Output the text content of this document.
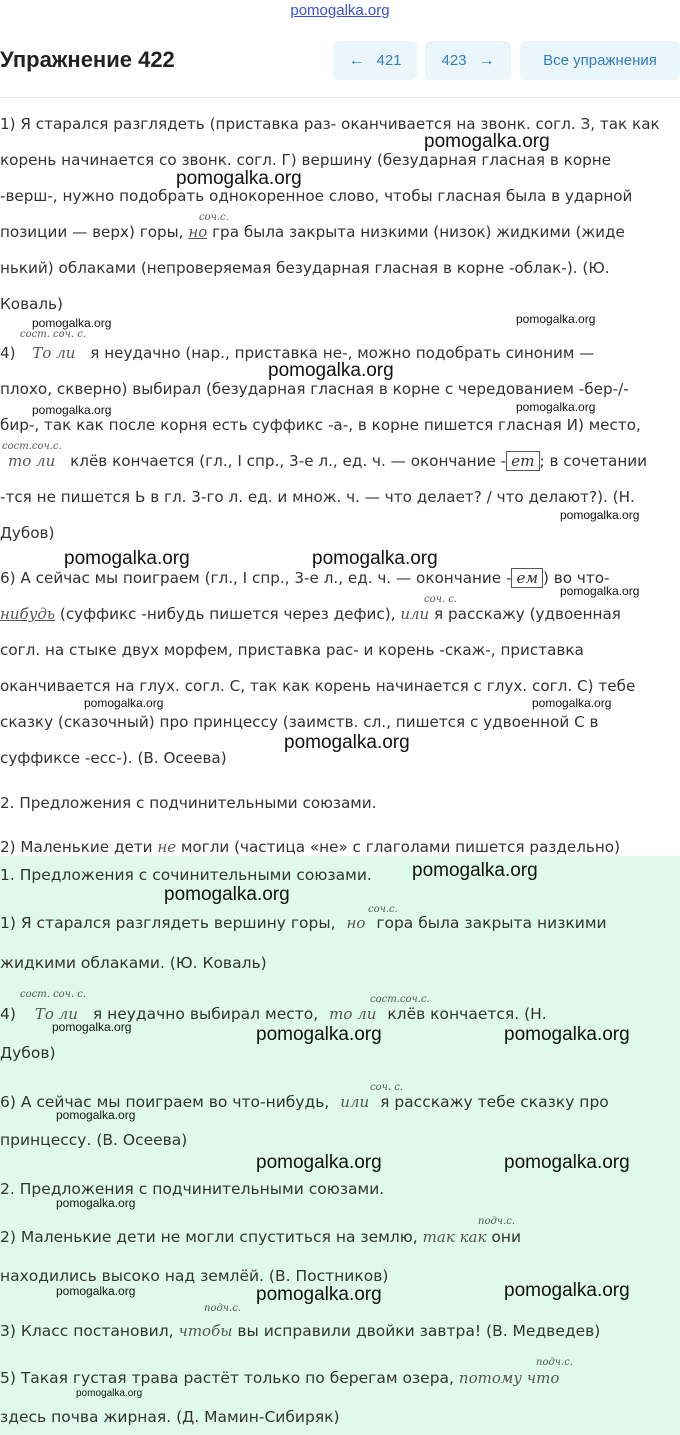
pomogalka.org
Упражнение 422	← 421	423 →	Все упражнения
1) Я старался разглядеть (приставка раз- оканчивается на звонк. согл. З, так как
корень начинается со звонк. согл. Г) вершину (безударная гласная в корне
-верш-, нужно подобрать однокоренное слово, чтобы гласная была в ударной
соч.с.
позиции — верх) горы, но гра была закрыта низкими (низок) жидкими (жиде
нький) облаками (непроверяемая безударная гласная в корне -облак-). (Ю.
Коваль)
сост. соч. с.
4) То ли я неудачно (нар., приставка не-, можно подобрать синоним —
плохо, скверно) выбирал (безударная гласная в корне с чередованием -бер-/-
бир-, так как после корня есть суффикс -а-, в корне пишется гласная И) место,
сост.соч.с.
то ли клёв кончается (гл., I спр., 3-е л., ед. ч. — окончание - ет ; в сочетании
-тся не пишется Ь в гл. 3-го л. ед. и множ. ч. — что делает? / что делают?). (Н.
Дубов)
6) А сейчас мы поиграем (гл., I спр., 3-е л., ед. ч. — окончание - ем ) во что-
соч. с.
нибудь (суффикс -нибудь пишется через дефис), или я расскажу (удвоенная
согл. на стыке двух морфем, приставка рас- и корень -скаж-, приставка
оканчивается на глух. согл. С, так как корень начинается с глух. согл. С) тебе
сказку (сказочный) про принцессу (заимств. сл., пишется с удвоенной С в
суффиксе -есс-). (В. Осеева)
2. Предложения с подчинительными союзами.
2) Маленькие дети не могли (частица «не» с глаголами пишется раздельно)
1. Предложения с сочинительными союзами.
соч.с.
1) Я старался разглядеть вершину горы, но гора была закрыта низкими
жидкими облаками. (Ю. Коваль)
сост. соч. с.	сост.соч.с.
4) То ли я неудачно выбирал место, то ли клёв кончается. (Н.
Дубов)
соч. с.
6) А сейчас мы поиграем во что-нибудь, или я расскажу тебе сказку про
принцессу. (В. Осеева)
2. Предложения с подчинительными союзами.
подч.с.
2) Маленькие дети не могли спуститься на землю, так как они
находились высоко над землёй. (В. Постников)
подч.с.
3) Класс постановил, чтобы вы исправили двойки завтра! (В. Медведев)
подч.с.
5) Такая густая трава растёт только по берегам озера, потому что
здесь почва жирная. (Д. Мамин-Сибиряк)
pomogalka.org
pomogalka.org
pomogalka.org	pomogalka.org
pomogalka.org
pomogalka.org	pomogalka.org
pomogalka.org
pomogalka.org	pomogalka.org
pomogalka.org
pomogalka.org	pomogalka.org
pomogalka.org
pomogalka.org
pomogalka.org
pomogalka.org	pomogalka.org	pomogalka.org
pomogalka.org
pomogalka.org	pomogalka.org
pomogalka.org
pomogalka.org	pomogalka.org	pomogalka.org
pomogalka.org
